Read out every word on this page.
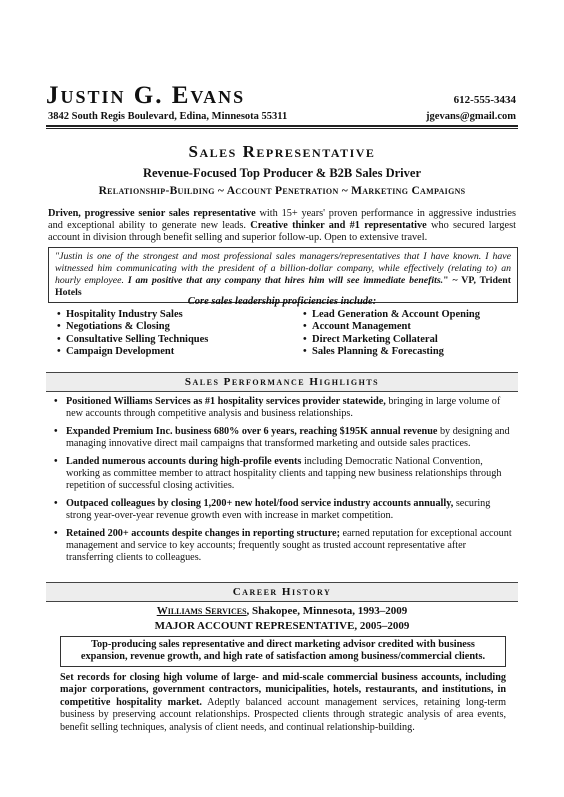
Justin G. Evans	612-555-3434
3842 South Regis Boulevard, Edina, Minnesota 55311	jgevans@gmail.com
Sales Representative
Revenue-Focused Top Producer & B2B Sales Driver
Relationship-Building ~ Account Penetration ~ Marketing Campaigns
Driven, progressive senior sales representative with 15+ years' proven performance in aggressive industries and exceptional ability to generate new leads. Creative thinker and #1 representative who secured largest account in division through benefit selling and superior follow-up. Open to extensive travel.
"Justin is one of the strongest and most professional sales managers/representatives that I have known. I have witnessed him communicating with the president of a billion-dollar company, while effectively (relating to) an hourly employee. I am positive that any company that hires him will see immediate benefits." ~ VP, Trident Hotels
Core sales leadership proficiencies include:
• Hospitality Industry Sales
• Negotiations & Closing
• Consultative Selling Techniques
• Campaign Development
• Lead Generation & Account Opening
• Account Management
• Direct Marketing Collateral
• Sales Planning & Forecasting
Sales Performance Highlights
• Positioned Williams Services as #1 hospitality services provider statewide, bringing in large volume of new accounts through competitive analysis and business relationships.
• Expanded Premium Inc. business 680% over 6 years, reaching $195K annual revenue by designing and managing innovative direct mail campaigns that transformed marketing and outside sales practices.
• Landed numerous accounts during high-profile events including Democratic National Convention, working as committee member to attract hospitality clients and tapping new business relationships through repetition of successful closing activities.
• Outpaced colleagues by closing 1,200+ new hotel/food service industry accounts annually, securing strong year-over-year revenue growth even with increase in market competition.
• Retained 200+ accounts despite changes in reporting structure; earned reputation for exceptional account management and service to key accounts; frequently sought as trusted account representative after transferring clients to colleagues.
Career History
Williams Services, Shakopee, Minnesota, 1993–2009
MAJOR ACCOUNT REPRESENTATIVE, 2005–2009
Top-producing sales representative and direct marketing advisor credited with business expansion, revenue growth, and high rate of satisfaction among business/commercial clients.
Set records for closing high volume of large- and mid-scale commercial business accounts, including major corporations, government contractors, municipalities, hotels, restaurants, and institutions, in competitive hospitality market. Adeptly balanced account management services, retaining long-term business by preserving account relationships. Prospected clients through strategic analysis of area events, benefit selling techniques, analysis of client needs, and continual relationship-building.
